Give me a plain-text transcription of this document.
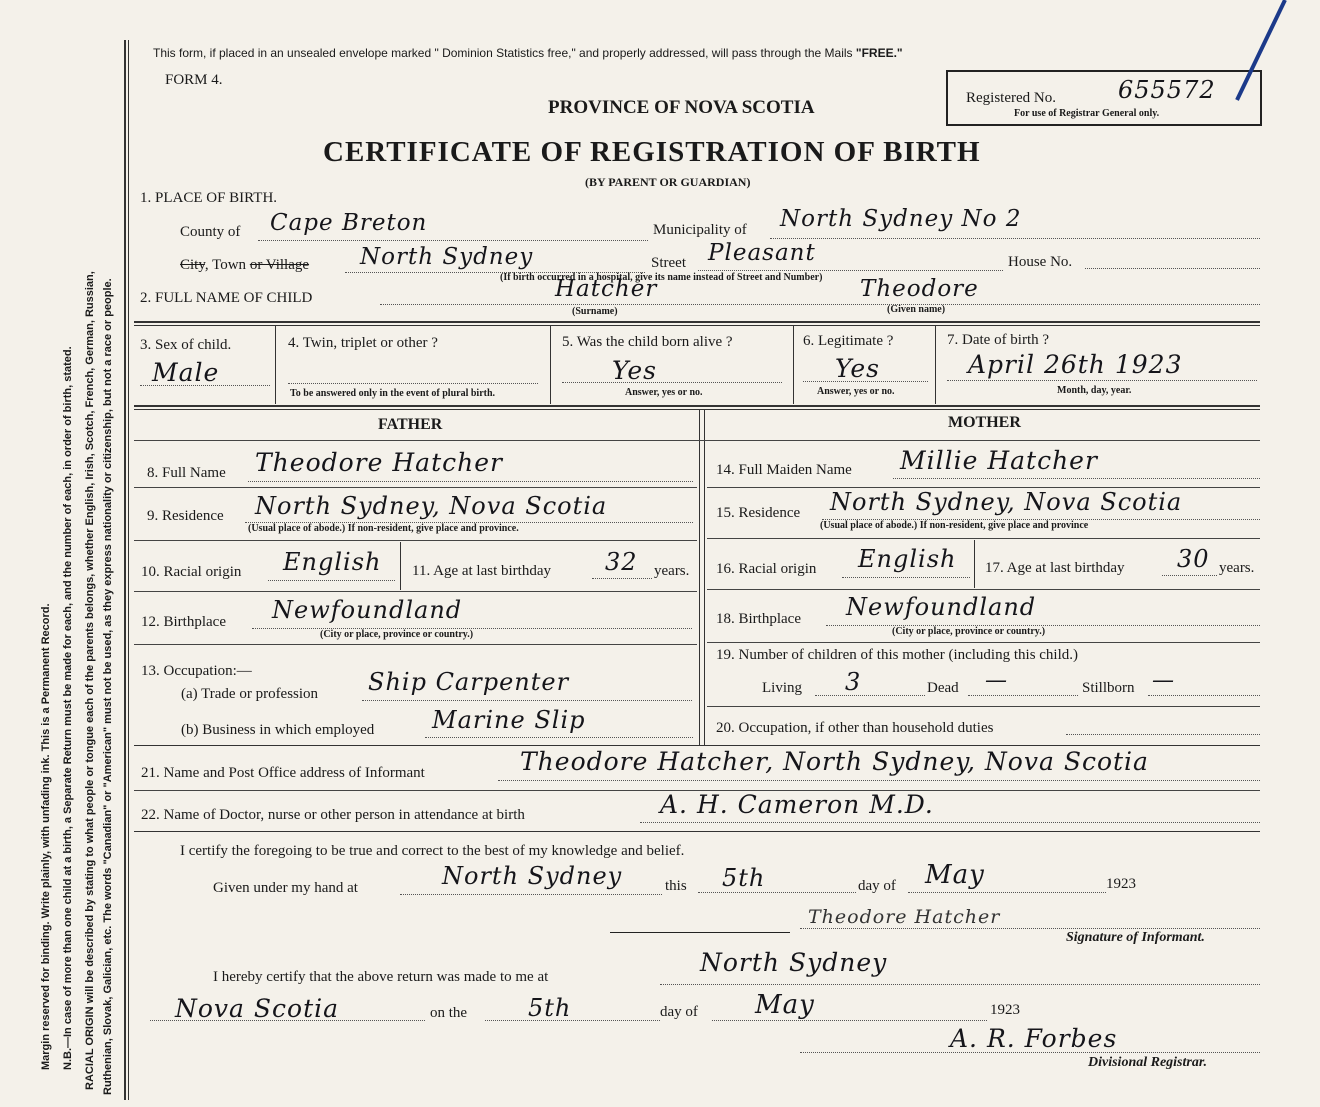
Margin reserved for binding. Write plainly, with unfading ink. This is a Permanent Record. N.B.—In case of more than one child at a birth, a Separate Return must be made for each, and the number of each, in order of birth, stated. RACIAL ORIGIN will be described by stating to what people or tongue each of the parents belongs, whether English, Irish, Scotch, French, German, Russian, Ruthenian, Slovak, Galician, etc. The words "Canadian" or "American" must not be used, as they express nationality or citizenship, but not a race or people.
This form, if placed in an unsealed envelope marked " Dominion Statistics free," and properly addressed, will pass through the Mails "FREE."
FORM 4.
PROVINCE OF NOVA SCOTIA
CERTIFICATE OF REGISTRATION OF BIRTH
(BY PARENT OR GUARDIAN)
Registered No.	655572
For use of Registrar General only.
1. PLACE OF BIRTH.
County of Cape Breton	Municipality of North Sydney No 2
City, Town or Village North Sydney	Street Pleasant	House No.
(If birth occurred in a hospital, give its name instead of Street and Number)
2. FULL NAME OF CHILD	Hatcher	Theodore
(Surname)	(Given name)
3. Sex of child.
Male
4. Twin, triplet or other ?
To be answered only in the event of plural birth.
5. Was the child born alive ?
Yes
Answer, yes or no.
6. Legitimate ?
Yes
Answer, yes or no.
7. Date of birth ?
April 26th 1923
Month, day, year.
FATHER	MOTHER
8. Full Name Theodore Hatcher
9. Residence North Sydney, Nova Scotia
(Usual place of abode.) If non-resident, give place and province.
10. Racial origin English 11. Age at last birthday 32 years.
12. Birthplace Newfoundland
(City or place, province or country.)
13. Occupation:—
(a) Trade or profession Ship Carpenter
(b) Business in which employed Marine Slip
14. Full Maiden Name Millie Hatcher
15. Residence North Sydney, Nova Scotia
(Usual place of abode.) If non-resident, give place and province
16. Racial origin English 17. Age at last birthday 30 years.
18. Birthplace Newfoundland
(City or place, province or country.)
19. Number of children of this mother (including this child.)
Living 3	Dead —	Stillborn —
20. Occupation, if other than household duties
21. Name and Post Office address of Informant	Theodore Hatcher, North Sydney, Nova Scotia
22. Name of Doctor, nurse or other person in attendance at birth	A. H. Cameron M.D.
I certify the foregoing to be true and correct to the best of my knowledge and belief.
Given under my hand at	North Sydney	this 5th	day of May	1923
Theodore Hatcher
Signature of Informant.
I hereby certify that the above return was made to me at	North Sydney
Nova Scotia	on the	5th	day of May	1923
A. R. Forbes
Divisional Registrar.
